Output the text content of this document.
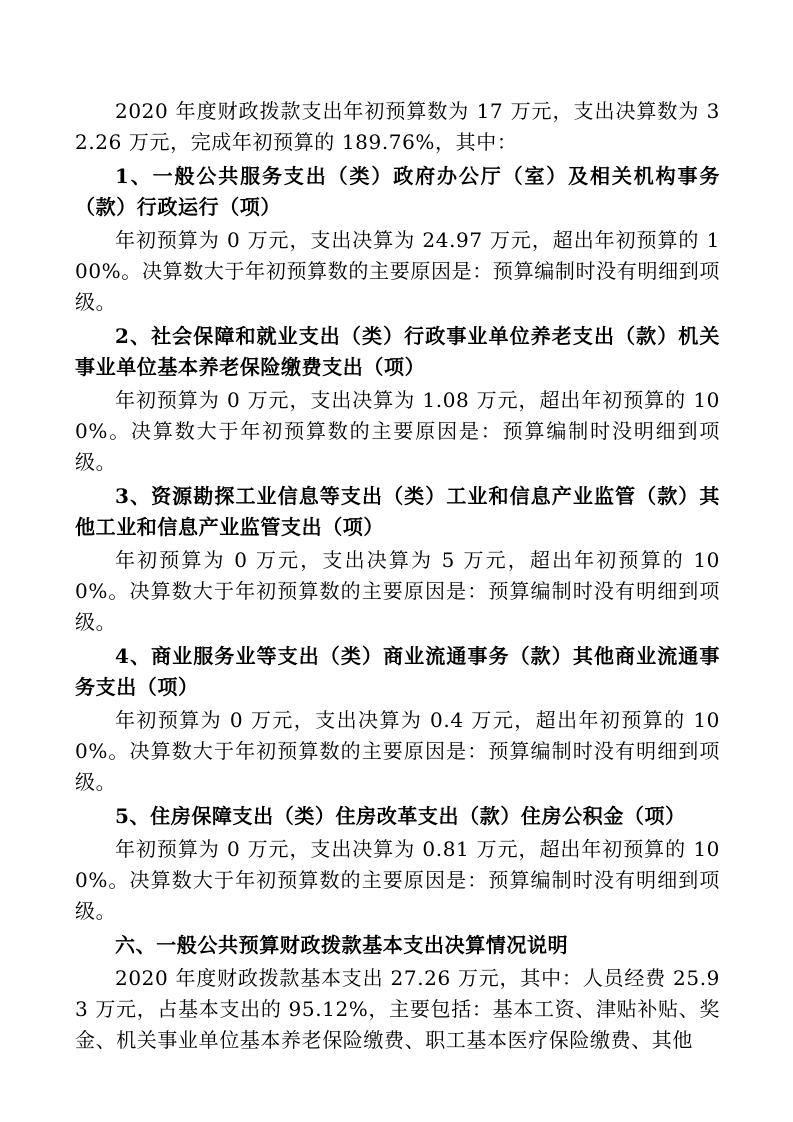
2020 年度财政拨款支出年初预算数为 17 万元，支出决算数为 32.26 万元，完成年初预算的 189.76%，其中：

1、一般公共服务支出（类）政府办公厅（室）及相关机构事务（款）行政运行（项）

年初预算为 0 万元，支出决算为 24.97 万元，超出年初预算的 100%。决算数大于年初预算数的主要原因是：预算编制时没有明细到项级。

2、社会保障和就业支出（类）行政事业单位养老支出（款）机关事业单位基本养老保险缴费支出（项）

年初预算为 0 万元，支出决算为 1.08 万元，超出年初预算的 100%。决算数大于年初预算数的主要原因是：预算编制时没明细到项级。

3、资源勘探工业信息等支出（类）工业和信息产业监管（款）其他工业和信息产业监管支出（项）

年初预算为 0 万元，支出决算为 5 万元，超出年初预算的 100%。决算数大于年初预算数的主要原因是：预算编制时没有明细到项级。

4、商业服务业等支出（类）商业流通事务（款）其他商业流通事务支出（项）

年初预算为 0 万元，支出决算为 0.4 万元，超出年初预算的 100%。决算数大于年初预算数的主要原因是：预算编制时没有明细到项级。

5、住房保障支出（类）住房改革支出（款）住房公积金（项）

年初预算为 0 万元，支出决算为 0.81 万元，超出年初预算的 100%。决算数大于年初预算数的主要原因是：预算编制时没有明细到项级。

六、一般公共预算财政拨款基本支出决算情况说明

2020 年度财政拨款基本支出 27.26 万元，其中：人员经费 25.93 万元，占基本支出的 95.12%，主要包括：基本工资、津贴补贴、奖金、机关事业单位基本养老保险缴费、职工基本医疗保险缴费、其他
